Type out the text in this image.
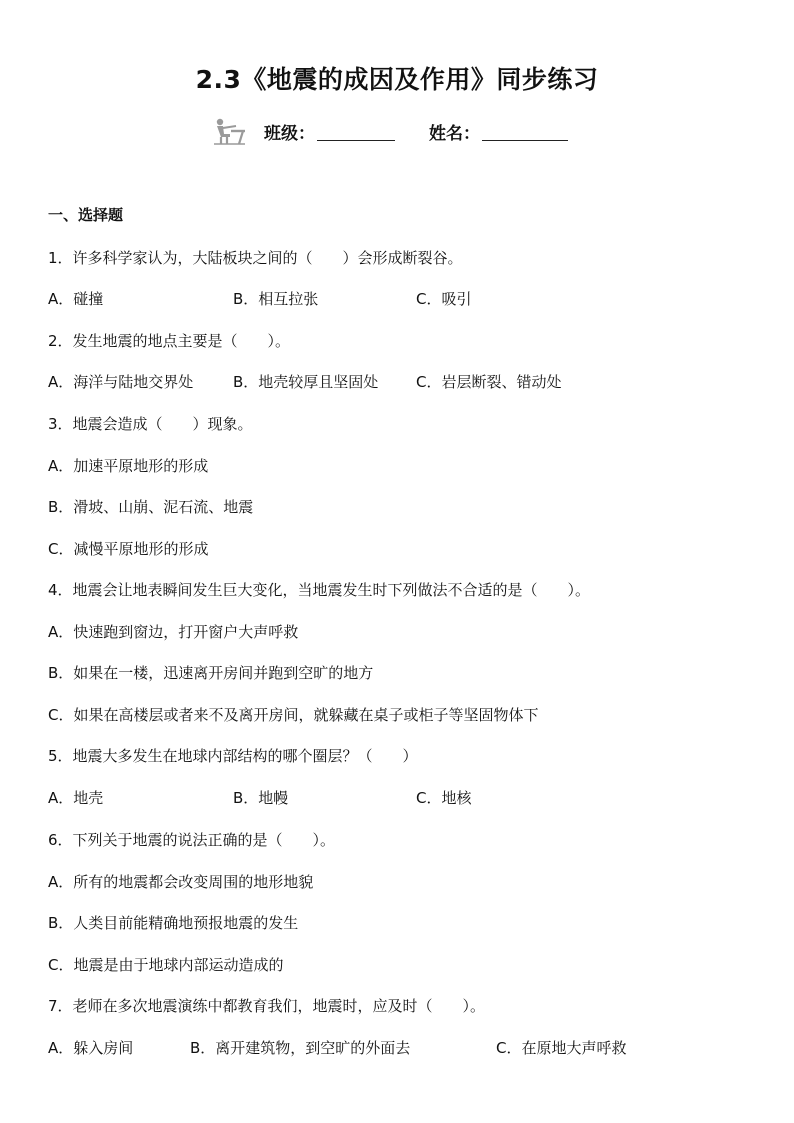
2.3《地震的成因及作用》同步练习
班级：	姓名：
一、选择题
1．许多科学家认为，大陆板块之间的（　　）会形成断裂谷。
A．碰撞	B．相互拉张	C．吸引
2．发生地震的地点主要是（　　）。
A．海洋与陆地交界处	B．地壳较厚且坚固处	C．岩层断裂、错动处
3．地震会造成（　　）现象。
A．加速平原地形的形成
B．滑坡、山崩、泥石流、地震
C．减慢平原地形的形成
4．地震会让地表瞬间发生巨大变化，当地震发生时下列做法不合适的是（　　）。
A．快速跑到窗边，打开窗户大声呼救
B．如果在一楼，迅速离开房间并跑到空旷的地方
C．如果在高楼层或者来不及离开房间，就躲藏在桌子或柜子等坚固物体下
5．地震大多发生在地球内部结构的哪个圈层？（　　）
A．地壳	B．地幔	C．地核
6．下列关于地震的说法正确的是（　　）。
A．所有的地震都会改变周围的地形地貌
B．人类目前能精确地预报地震的发生
C．地震是由于地球内部运动造成的
7．老师在多次地震演练中都教育我们，地震时，应及时（　　）。
A．躲入房间	B．离开建筑物，到空旷的外面去	C．在原地大声呼救
